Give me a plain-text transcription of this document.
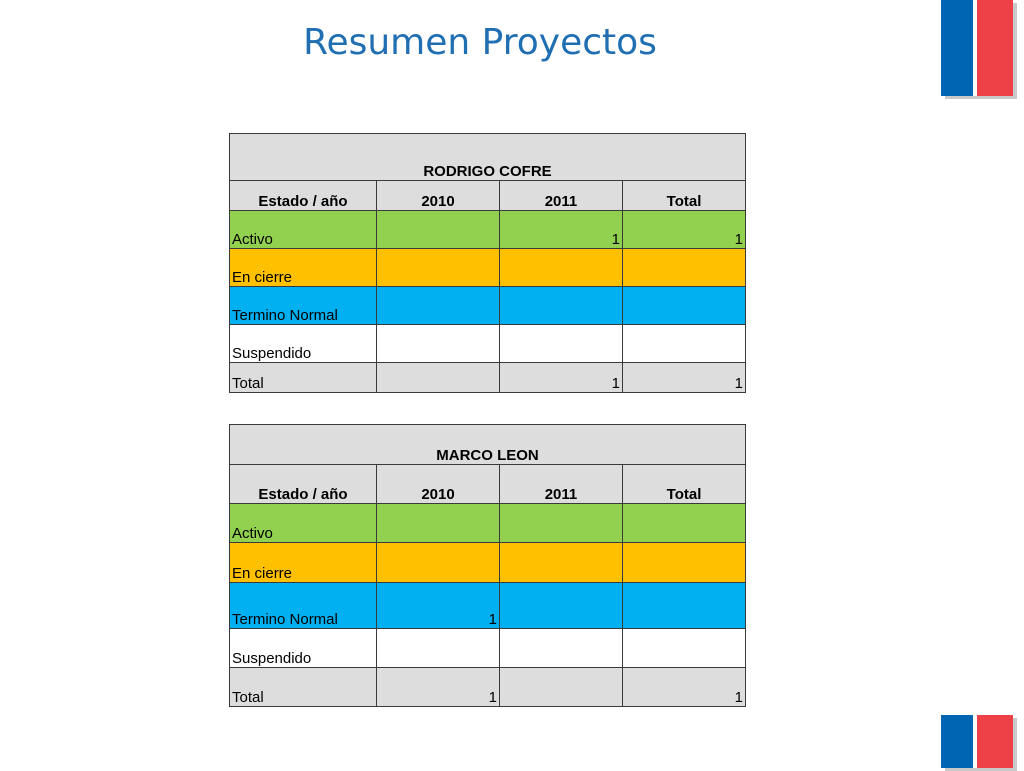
Resumen Proyectos
RODRIGO COFRE			
Estado / año	2010	2011	Total
Activo		1	1
En cierre			
Termino Normal			
Suspendido			
Total		1	1
MARCO LEON			
Estado / año	2010	2011	Total
Activo			
En cierre			
Termino Normal	1		
Suspendido			
Total	1		1
